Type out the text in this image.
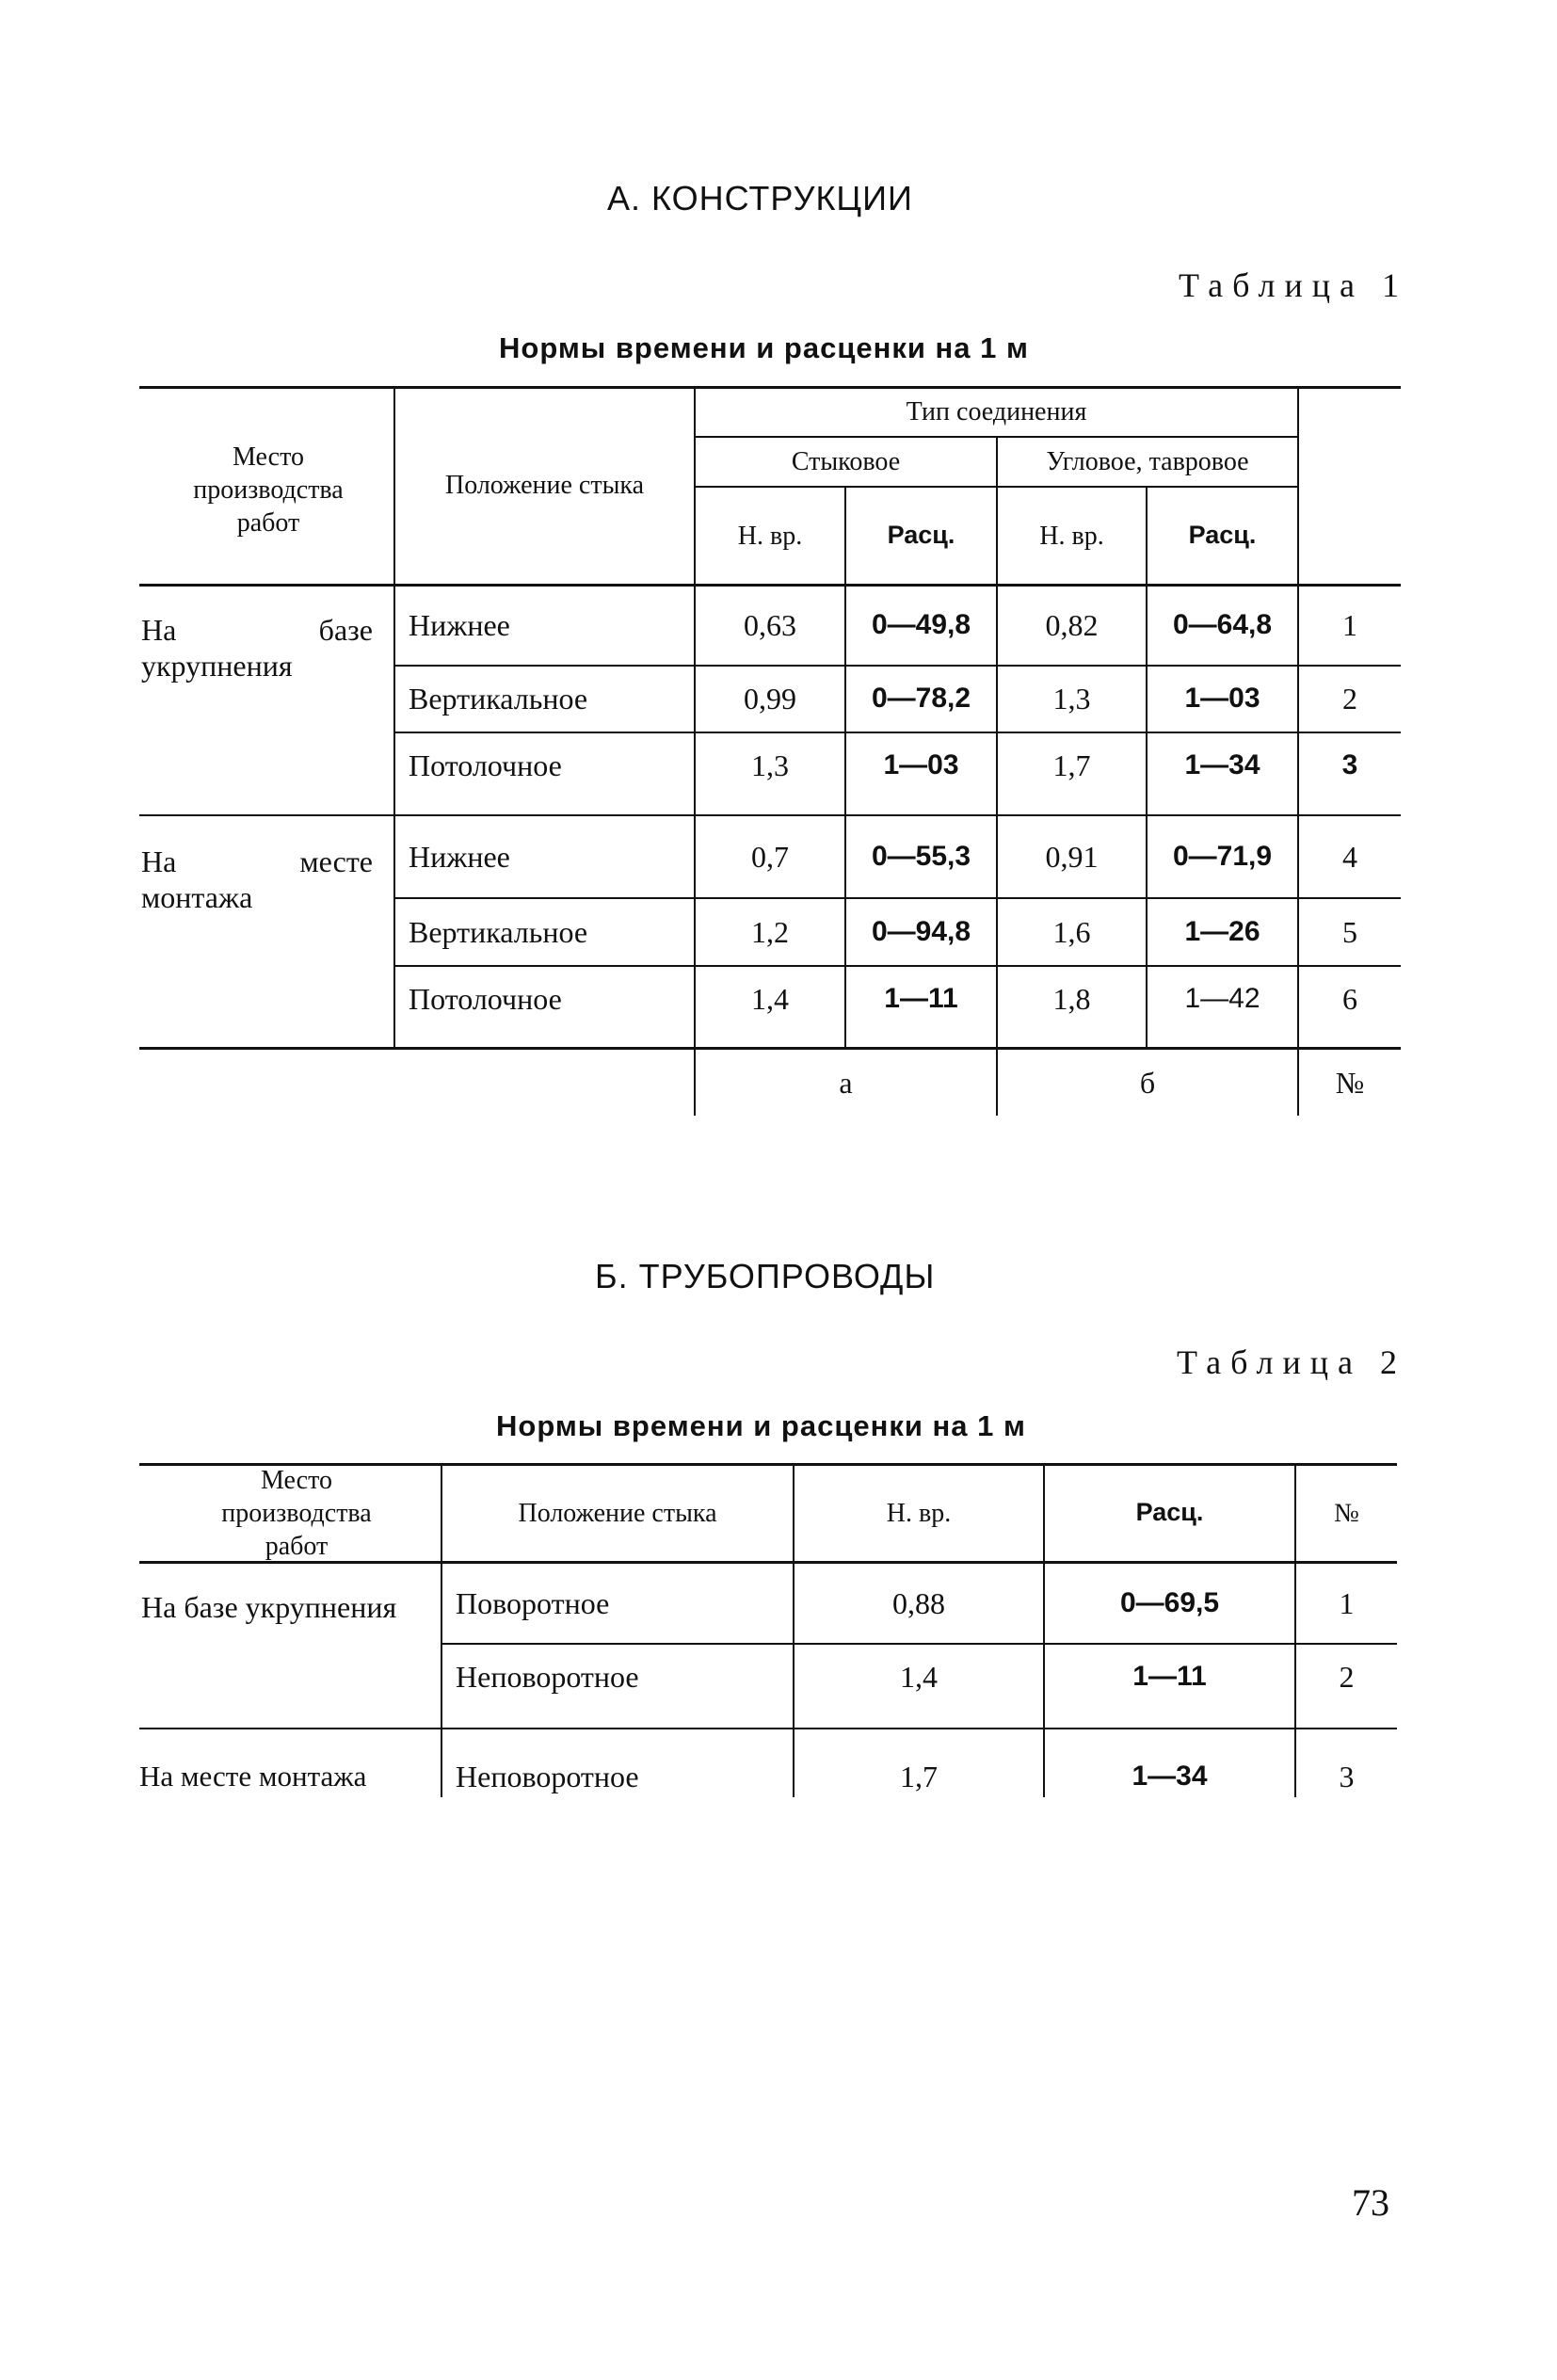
А. КОНСТРУКЦИИ
Таблица 1
Нормы времени и расценки на 1 м
Место производства работ
Положение стыка
Тип соединения
Стыковое	Угловое, тавровое
Н. вр.	Расц.	Н. вр.	Расц.
На базе укрупнения
Нижнее	0,63	0—49,8	0,82	0—64,8	1
Вертикальное	0,99	0—78,2	1,3	1—03	2
Потолочное	1,3	1—03	1,7	1—34	3
На месте монтажа
Нижнее	0,7	0—55,3	0,91	0—71,9	4
Вертикальное	1,2	0—94,8	1,6	1—26	5
Потолочное	1,4	1—11	1,8	1—42	6
а	б	№
Б. ТРУБОПРОВОДЫ
Таблица 2
Нормы времени и расценки на 1 м
Место производства работ
Положение стыка	Н. вр.	Расц.	№
На базе укрупнения	Поворотное	0,88	0—69,5	1
Неповоротное	1,4	1—11	2
На месте монтажа	Неповоротное	1,7	1—34	3
73
